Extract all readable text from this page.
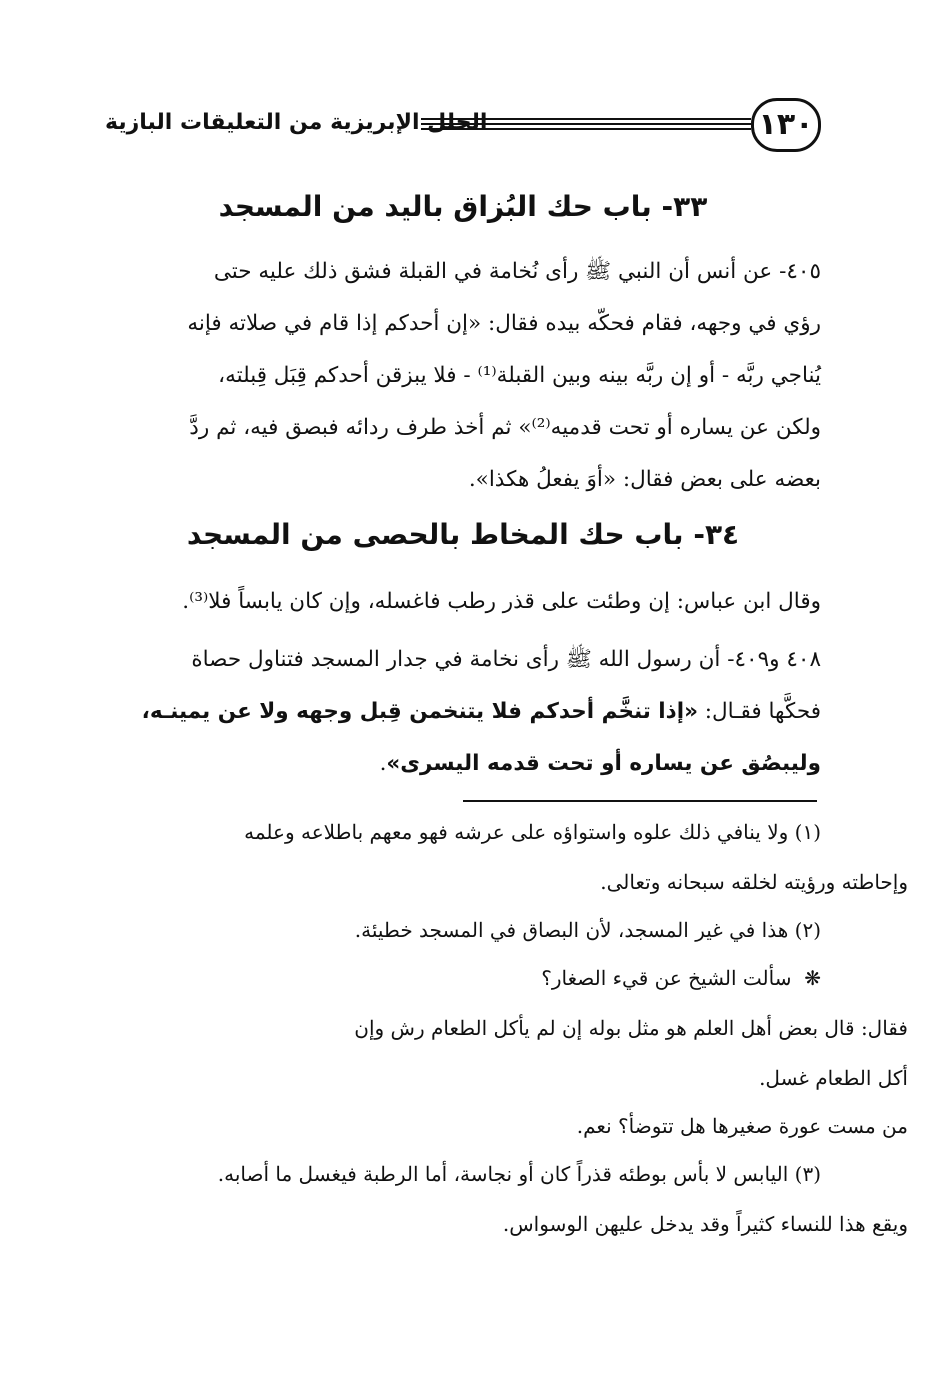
١٣٠
الحلل الإبريزية من التعليقات البازية
٣٣- باب حك البُزاق باليد من المسجد
٤٠٥- عن أنس أن النبي ﷺ رأى نُخامة في القبلة فشق ذلك عليه حتى
رؤي في وجهه، فقام فحكّه بيده فقال: «إن أحدكم إذا قام في صلاته فإنه
يُناجي ربَّه - أو إن ربَّه بينه وبين القبلة⁽¹⁾ - فلا يبزقن أحدكم قِبَل قِبلته،
ولكن عن يساره أو تحت قدميه⁽²⁾» ثم أخذ طرف ردائه فبصق فيه، ثم ردَّ
بعضه على بعض فقال: «أوَ يفعلُ هكذا».
٣٤- باب حك المخاط بالحصى من المسجد
وقال ابن عباس: إن وطئت على قذر رطب فاغسله، وإن كان يابساً فلا⁽³⁾.
٤٠٨ و٤٠٩- أن رسول الله ﷺ رأى نخامة في جدار المسجد فتناول حصاة
فحكَّها فقـال: «إذا تنخَّم أحدكم فلا يتنخمن قِبل وجهه ولا عن يمينـه،
وليبصُق عن يساره أو تحت قدمه اليسرى».
(١) ولا ينافي ذلك علوه واستواؤه على عرشه فهو معهم باطلاعه وعلمه
وإحاطته ورؤيته لخلقه سبحانه وتعالى.
(٢) هذا في غير المسجد، لأن البصاق في المسجد خطيئة.
❋  سألت الشيخ عن قيء الصغار؟
فقال: قال بعض أهل العلم هو مثل بوله إن لم يأكل الطعام رش وإن
أكل الطعام غسل.
من مست عورة صغيرها هل تتوضأ؟ نعم.
(٣) اليابس لا بأس بوطئه قذراً كان أو نجاسة، أما الرطبة فيغسل ما أصابه.
ويقع هذا للنساء كثيراً وقد يدخل عليهن الوسواس.
